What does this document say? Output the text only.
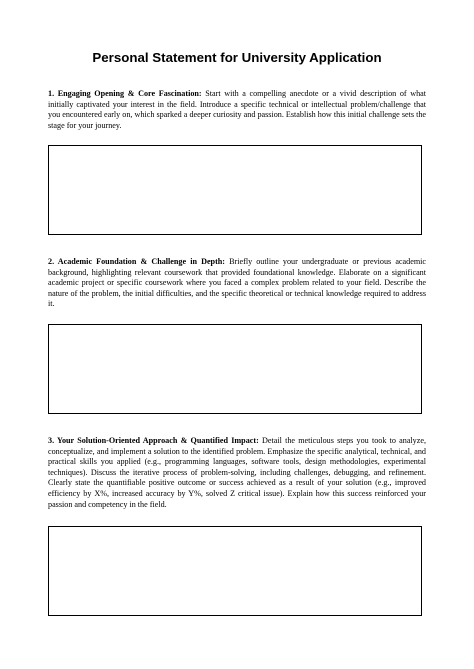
Personal Statement for University Application

1. Engaging Opening & Core Fascination: Start with a compelling anecdote or a vivid description of what initially captivated your interest in the field. Introduce a specific technical or intellectual problem/challenge that you encountered early on, which sparked a deeper curiosity and passion. Establish how this initial challenge sets the stage for your journey.

2. Academic Foundation & Challenge in Depth: Briefly outline your undergraduate or previous academic background, highlighting relevant coursework that provided foundational knowledge. Elaborate on a significant academic project or specific coursework where you faced a complex problem related to your field. Describe the nature of the problem, the initial difficulties, and the specific theoretical or technical knowledge required to address it.

3. Your Solution-Oriented Approach & Quantified Impact: Detail the meticulous steps you took to analyze, conceptualize, and implement a solution to the identified problem. Emphasize the specific analytical, technical, and practical skills you applied (e.g., programming languages, software tools, design methodologies, experimental techniques). Discuss the iterative process of problem-solving, including challenges, debugging, and refinement. Clearly state the quantifiable positive outcome or success achieved as a result of your solution (e.g., improved efficiency by X%, increased accuracy by Y%, solved Z critical issue). Explain how this success reinforced your passion and competency in the field.
